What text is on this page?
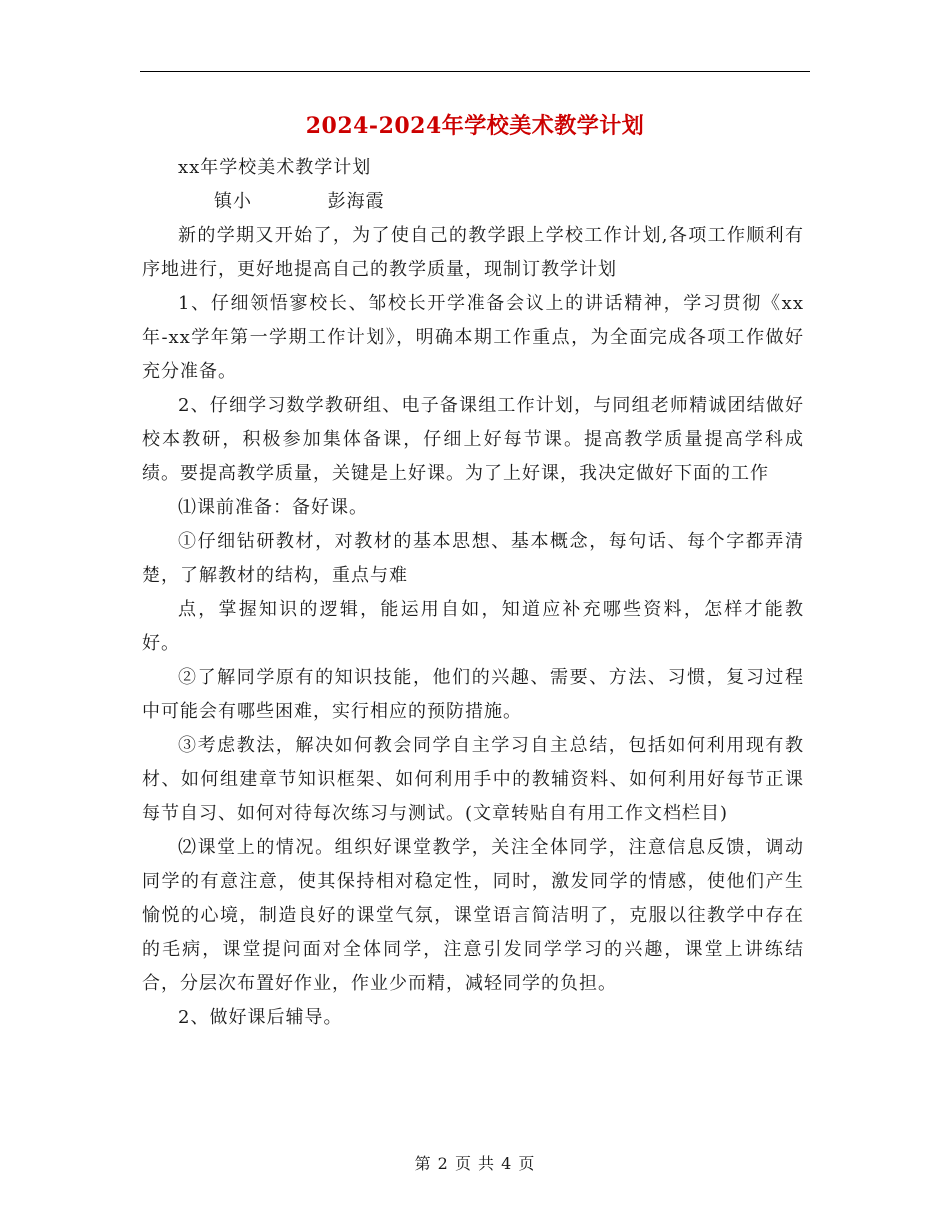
2024-2024年学校美术教学计划

xx年学校美术教学计划

镇小	彭海霞

新的学期又开始了，为了使自己的教学跟上学校工作计划,各项工作顺利有序地进行，更好地提高自己的教学质量，现制订教学计划

1、仔细领悟寥校长、邹校长开学准备会议上的讲话精神，学习贯彻《xx年-xx学年第一学期工作计划》，明确本期工作重点，为全面完成各项工作做好充分准备。

2、仔细学习数学教研组、电子备课组工作计划，与同组老师精诚团结做好校本教研，积极参加集体备课，仔细上好每节课。提高教学质量提高学科成绩。要提高教学质量，关键是上好课。为了上好课，我决定做好下面的工作

⑴课前准备：备好课。

①仔细钻研教材，对教材的基本思想、基本概念，每句话、每个字都弄清楚，了解教材的结构，重点与难

点，掌握知识的逻辑，能运用自如，知道应补充哪些资料，怎样才能教好。

②了解同学原有的知识技能，他们的兴趣、需要、方法、习惯，复习过程中可能会有哪些困难，实行相应的预防措施。

③考虑教法，解决如何教会同学自主学习自主总结，包括如何利用现有教材、如何组建章节知识框架、如何利用手中的教辅资料、如何利用好每节正课每节自习、如何对待每次练习与测试。(文章转贴自有用工作文档栏目)

⑵课堂上的情况。组织好课堂教学，关注全体同学，注意信息反馈，调动同学的有意注意，使其保持相对稳定性，同时，激发同学的情感，使他们产生愉悦的心境，制造良好的课堂气氛，课堂语言简洁明了，克服以往教学中存在的毛病，课堂提问面对全体同学，注意引发同学学习的兴趣，课堂上讲练结合，分层次布置好作业，作业少而精，减轻同学的负担。

2、做好课后辅导。

第 2 页 共 4 页
